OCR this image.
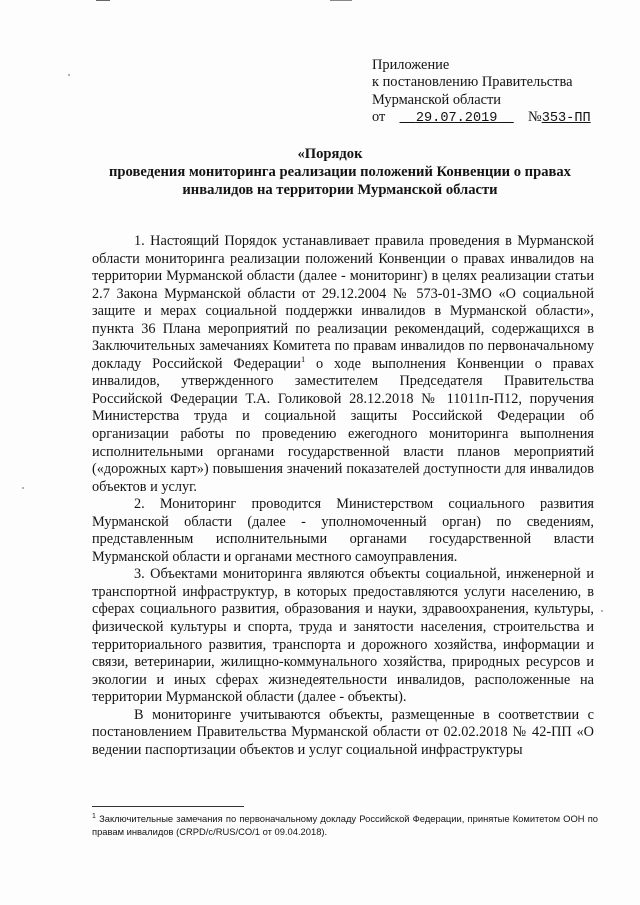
Приложение
к постановлению Правительства
Мурманской области
от 29.07.2019 №353-ПП
«Порядок
проведения мониторинга реализации положений Конвенции о правах
инвалидов на территории Мурманской области

1. Настоящий Порядок устанавливает правила проведения в Мурманской области мониторинга реализации положений Конвенции о правах инвалидов на территории Мурманской области (далее - мониторинг) в целях реализации статьи 2.7 Закона Мурманской области от 29.12.2004 № 573-01-ЗМО «О социальной защите и мерах социальной поддержки инвалидов в Мурманской области», пункта 36 Плана мероприятий по реализации рекомендаций, содержащихся в Заключительных замечаниях Комитета по правам инвалидов по первоначальному докладу Российской Федерации$^1$ о ходе выполнения Конвенции о правах инвалидов, утвержденного заместителем Председателя Правительства Российской Федерации Т.А. Голиковой 28.12.2018 № 11011п-П12, поручения Министерства труда и социальной защиты Российской Федерации об организации работы по проведению ежегодного мониторинга выполнения исполнительными органами государственной власти планов мероприятий («дорожных карт») повышения значений показателей доступности для инвалидов объектов и услуг.

2. Мониторинг проводится Министерством социального развития Мурманской области (далее - уполномоченный орган) по сведениям, представленным исполнительными органами государственной власти Мурманской области и органами местного самоуправления.

3. Объектами мониторинга являются объекты социальной, инженерной и транспортной инфраструктур, в которых предоставляются услуги населению, в сферах социального развития, образования и науки, здравоохранения, культуры, физической культуры и спорта, труда и занятости населения, строительства и территориального развития, транспорта и дорожного хозяйства, информации и связи, ветеринарии, жилищно-коммунального хозяйства, природных ресурсов и экологии и иных сферах жизнедеятельности инвалидов, расположенные на территории Мурманской области (далее - объекты).

В мониторинге учитываются объекты, размещенные в соответствии с постановлением Правительства Мурманской области от 02.02.2018 № 42-ПП «О ведении паспортизации объектов и услуг социальной инфраструктуры

$^1$ Заключительные замечания по первоначальному докладу Российской Федерации, принятые Комитетом ООН по правам инвалидов (CRPD/c/RUS/CO/1 от 09.04.2018).
